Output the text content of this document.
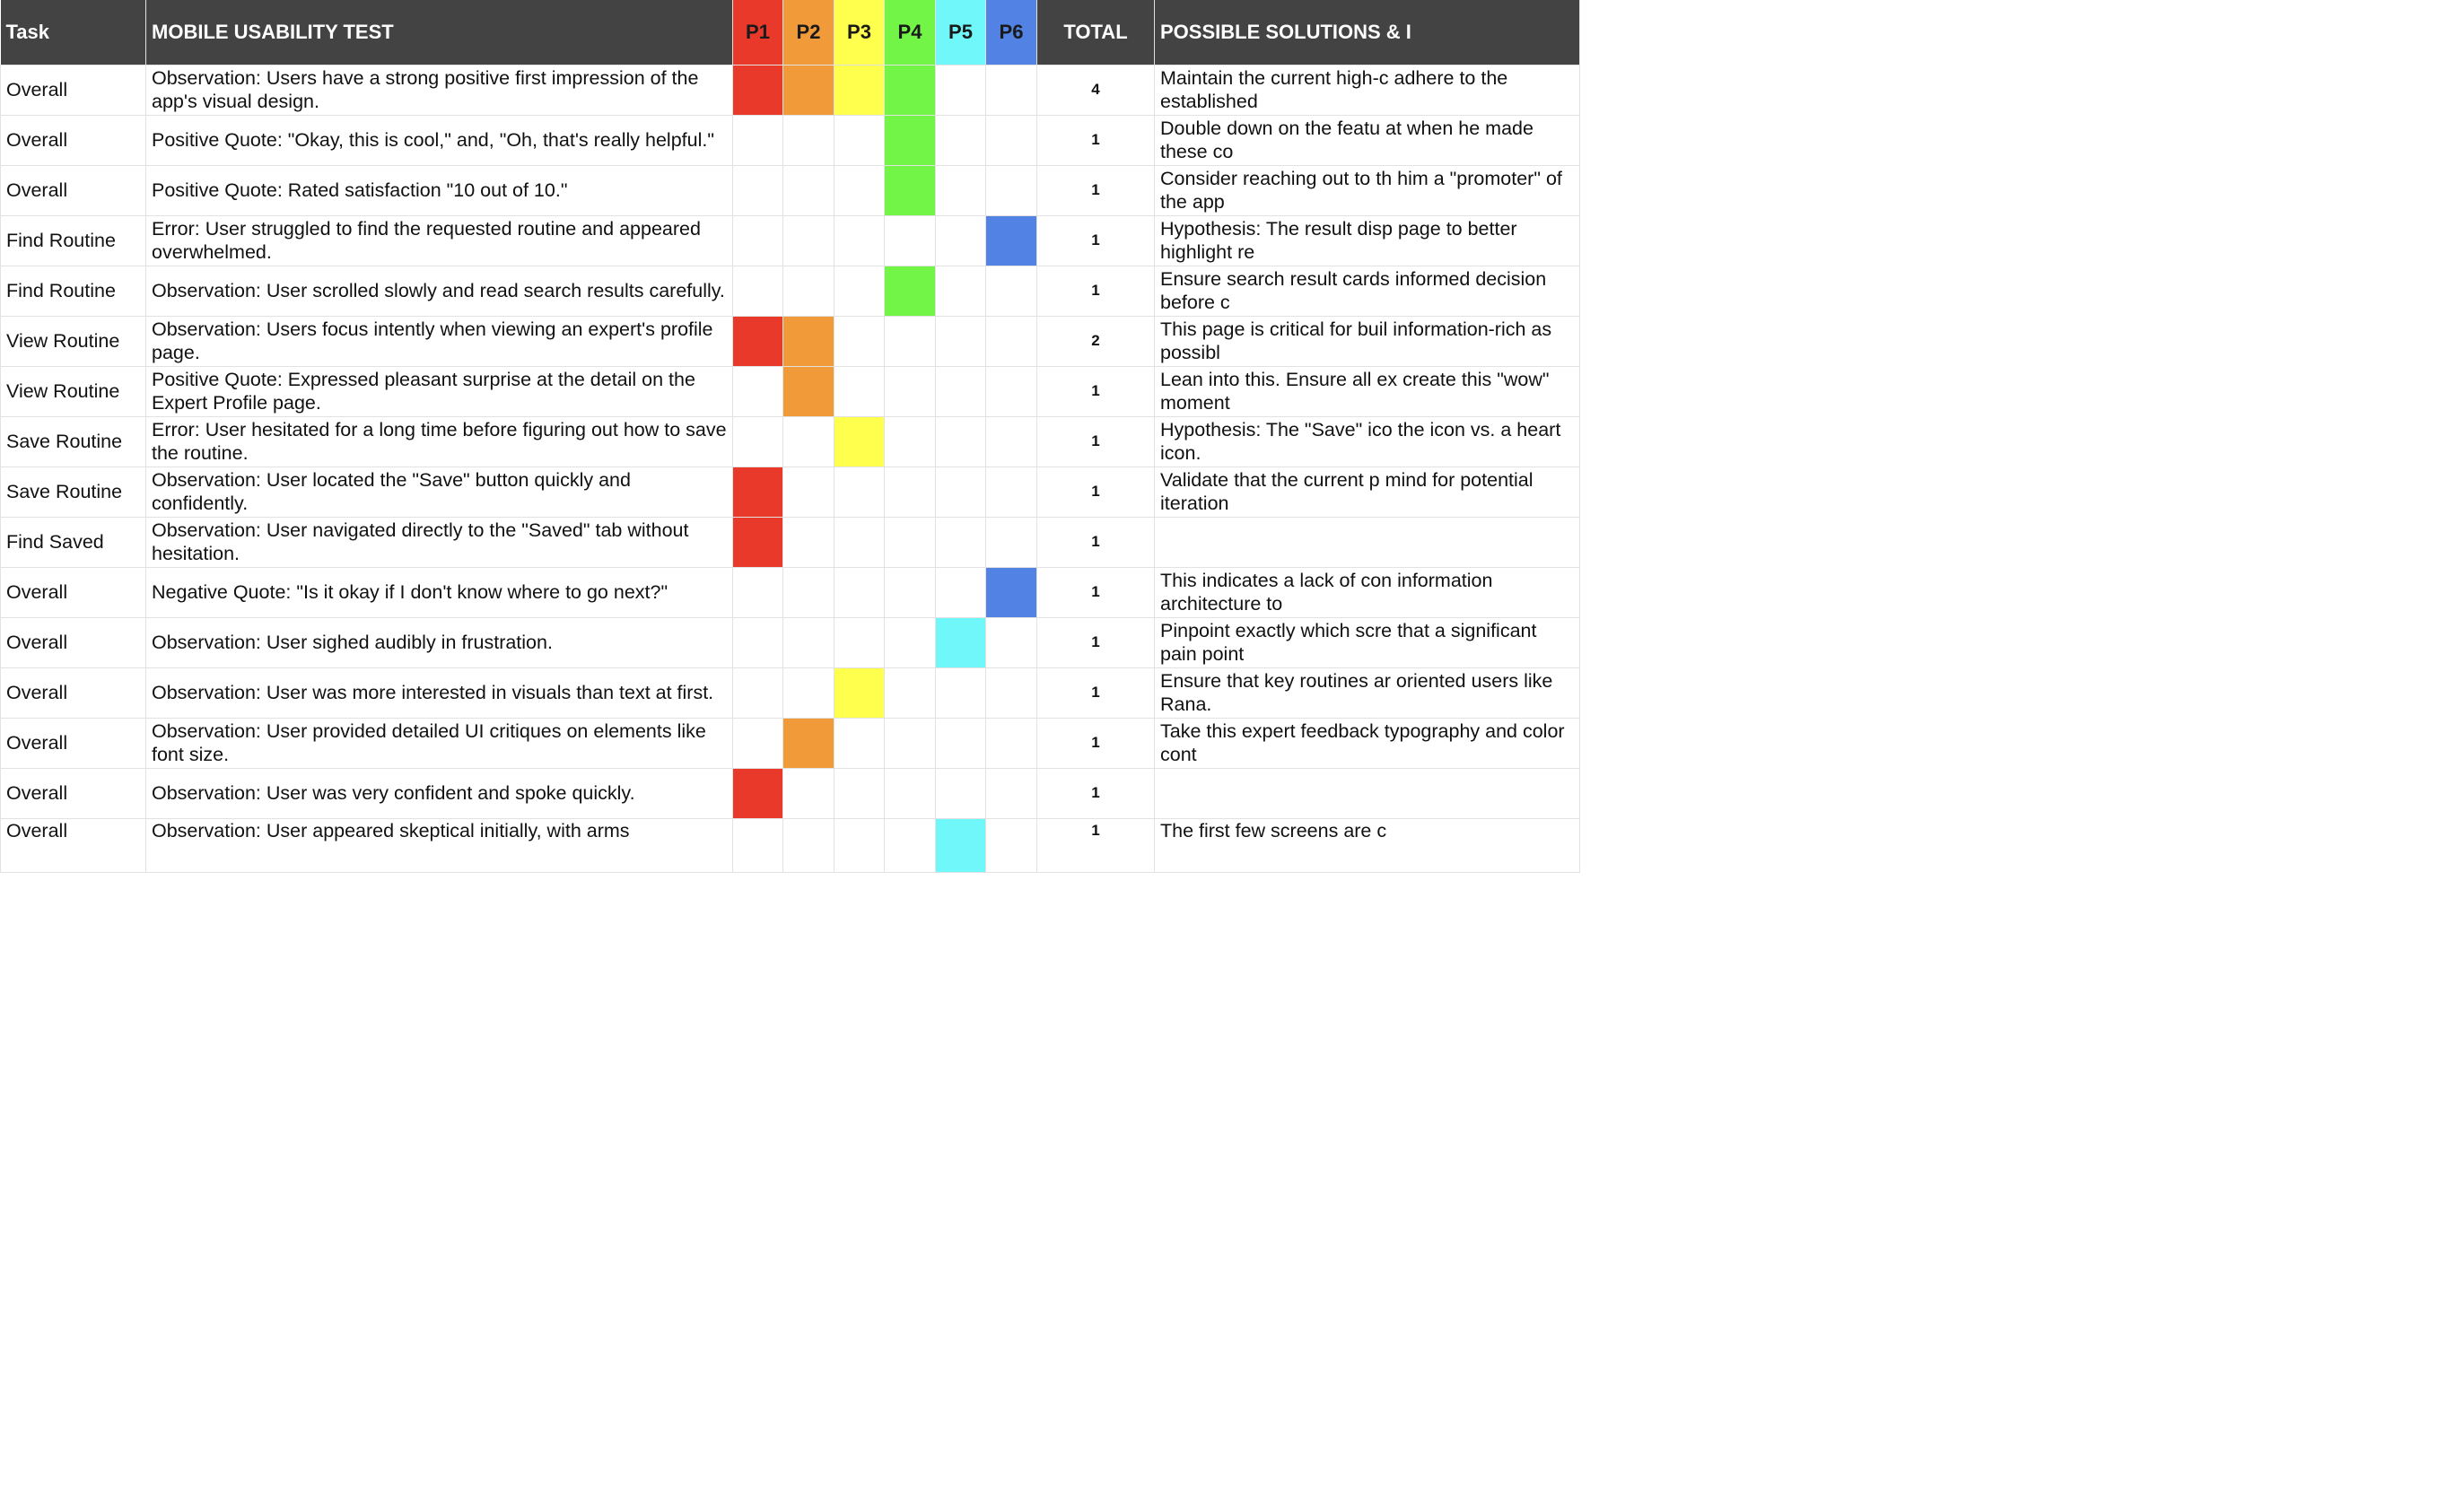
Task	MOBILE USABILITY TEST	P1	P2	P3	P4	P5	P6	TOTAL	POSSIBLE SOLUTIONS & I
Overall	Observation: Users have a strong positive first impression of the app's visual design.							4	Maintain the current high-c adhere to the established
Overall	Positive Quote: "Okay, this is cool," and, "Oh, that's really helpful."							1	Double down on the featu at when he made these co
Overall	Positive Quote: Rated satisfaction "10 out of 10."							1	Consider reaching out to th him a "promoter" of the app
Find Routine	Error: User struggled to find the requested routine and appeared overwhelmed.							1	Hypothesis: The result disp page to better highlight re
Find Routine	Observation: User scrolled slowly and read search results carefully.							1	Ensure search result cards informed decision before c
View Routine	Observation: Users focus intently when viewing an expert's profile page.							2	This page is critical for buil information-rich as possibl
View Routine	Positive Quote: Expressed pleasant surprise at the detail on the Expert Profile page.							1	Lean into this. Ensure all ex create this "wow" moment
Save Routine	Error: User hesitated for a long time before figuring out how to save the routine.							1	Hypothesis: The "Save" ico the icon vs. a heart icon.
Save Routine	Observation: User located the "Save" button quickly and confidently.							1	Validate that the current p mind for potential iteration
Find Saved	Observation: User navigated directly to the "Saved" tab without hesitation.							1	
Overall	Negative Quote: "Is it okay if I don't know where to go next?"							1	This indicates a lack of con information architecture to
Overall	Observation: User sighed audibly in frustration.							1	Pinpoint exactly which scre that a significant pain point
Overall	Observation: User was more interested in visuals than text at first.							1	Ensure that key routines ar oriented users like Rana.
Overall	Observation: User provided detailed UI critiques on elements like font size.							1	Take this expert feedback typography and color cont
Overall	Observation: User was very confident and spoke quickly.							1	
Overall	Observation: User appeared skeptical initially, with arms							1	The first few screens are c
